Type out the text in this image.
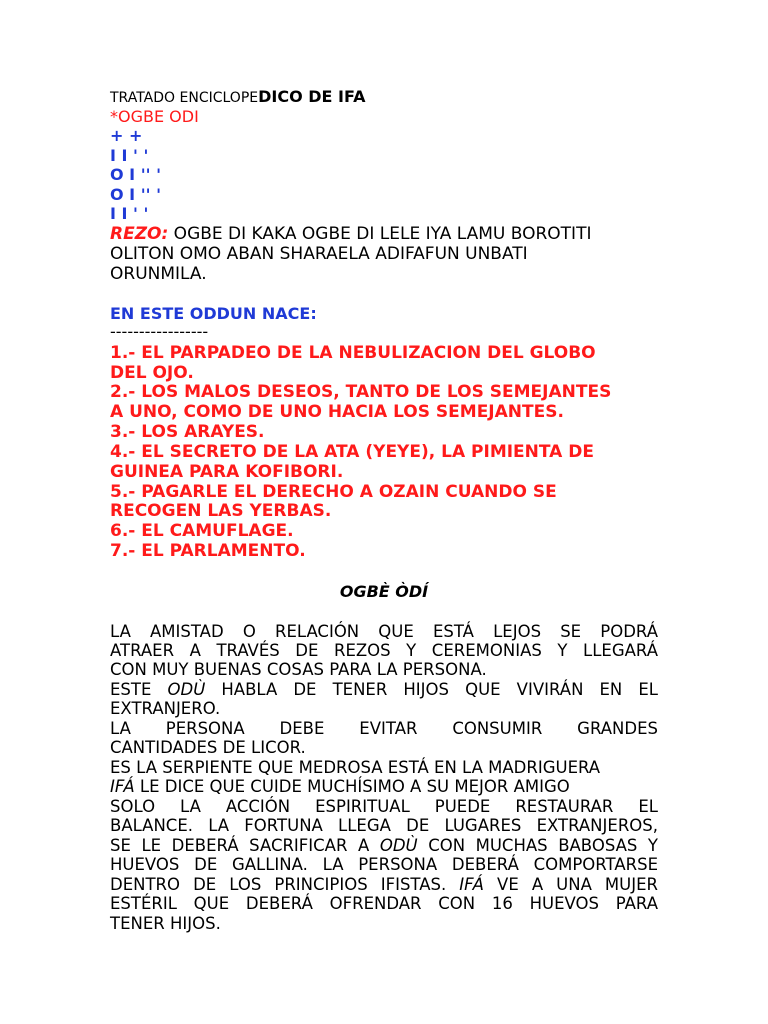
TRATADO ENCICLOPEDICO DE IFA
*OGBE ODI
+ +
I I ' '
O I '' '
O I '' '
I I ' '
REZO: OGBE DI KAKA OGBE DI LELE IYA LAMU BOROTITI
OLITON OMO ABAN SHARAELA ADIFAFUN UNBATI
ORUNMILA.
EN ESTE ODDUN NACE:
-----------------
1.- EL PARPADEO DE LA NEBULIZACION DEL GLOBO
DEL OJO.
2.- LOS MALOS DESEOS, TANTO DE LOS SEMEJANTES
A UNO, COMO DE UNO HACIA LOS SEMEJANTES.
3.- LOS ARAYES.
4.- EL SECRETO DE LA ATA (YEYE), LA PIMIENTA DE
GUINEA PARA KOFIBORI.
5.- PAGARLE EL DERECHO A OZAIN CUANDO SE
RECOGEN LAS YERBAS.
6.- EL CAMUFLAGE.
7.- EL PARLAMENTO.
OGBÈ ÒDÍ
LA AMISTAD O RELACIÓN QUE ESTÁ LEJOS SE PODRÁ
ATRAER A TRAVÉS DE REZOS Y CEREMONIAS Y LLEGARÁ
CON MUY BUENAS COSAS PARA LA PERSONA.
ESTE ODÙ HABLA DE TENER HIJOS QUE VIVIRÁN EN EL
EXTRANJERO.
LA PERSONA DEBE EVITAR CONSUMIR GRANDES
CANTIDADES DE LICOR.
ES LA SERPIENTE QUE MEDROSA ESTÁ EN LA MADRIGUERA
IFÁ LE DICE QUE CUIDE MUCHÍSIMO A SU MEJOR AMIGO
SOLO LA ACCIÓN ESPIRITUAL PUEDE RESTAURAR EL
BALANCE. LA FORTUNA LLEGA DE LUGARES EXTRANJEROS,
SE LE DEBERÁ SACRIFICAR A ODÙ CON MUCHAS BABOSAS Y
HUEVOS DE GALLINA. LA PERSONA DEBERÁ COMPORTARSE
DENTRO DE LOS PRINCIPIOS IFISTAS. IFÁ VE A UNA MUJER
ESTÉRIL QUE DEBERÁ OFRENDAR CON 16 HUEVOS PARA
TENER HIJOS.
